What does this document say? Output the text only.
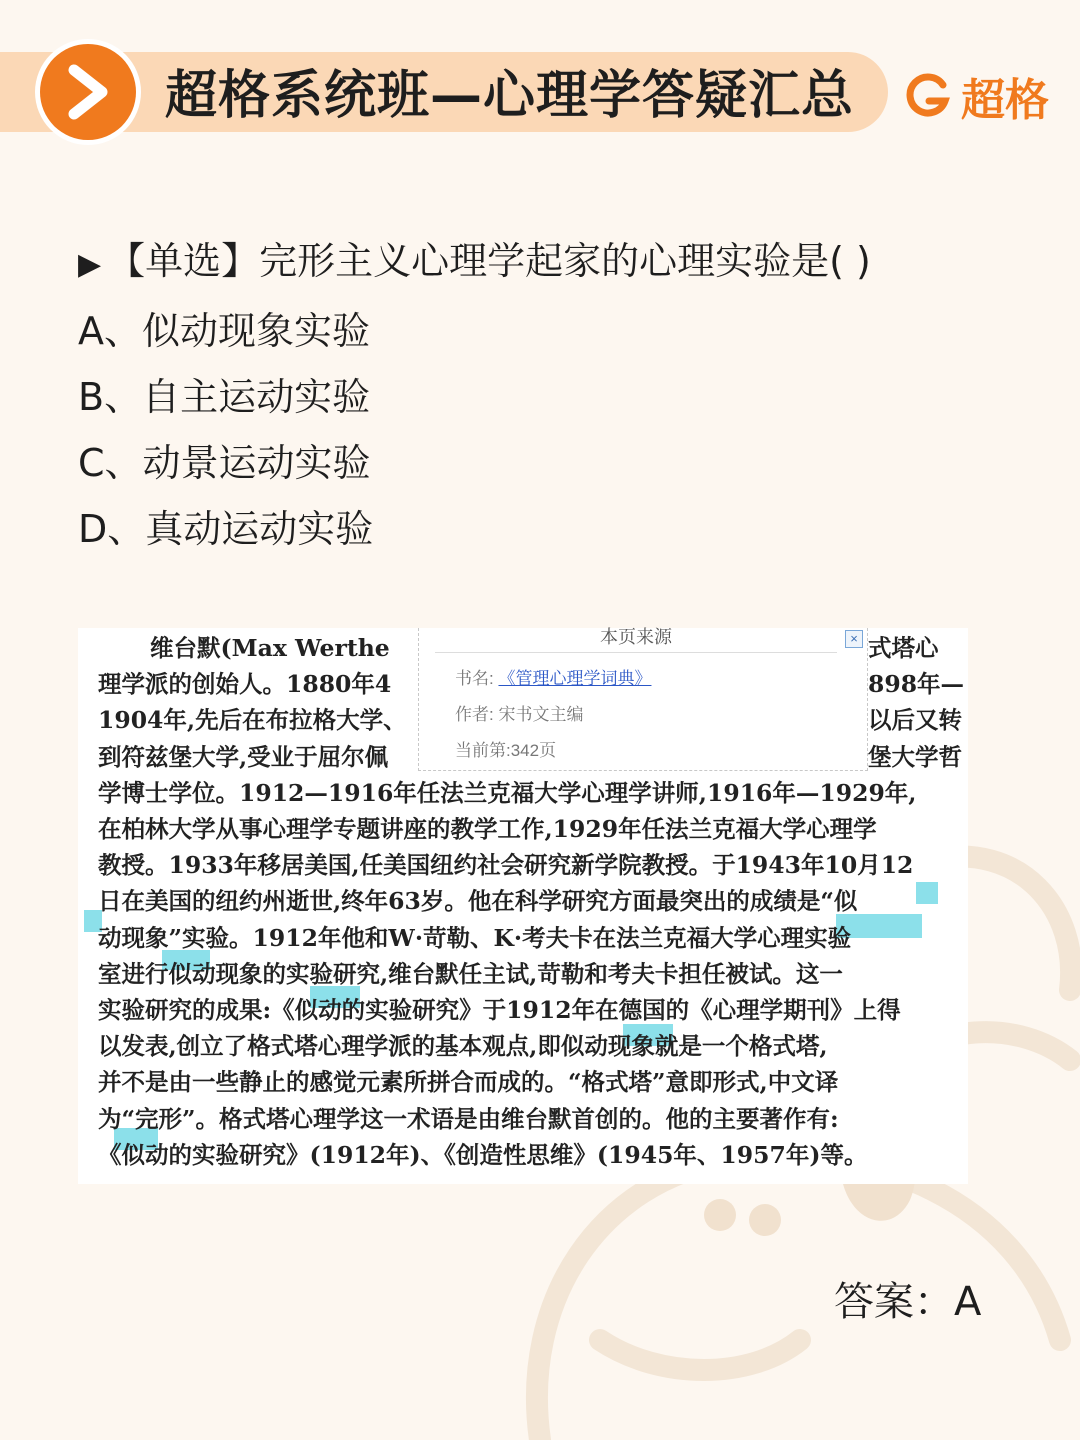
超格系统班—心理学答疑汇总 超格
▶ 【单选】完形主义心理学起家的心理实验是( )
A、似动现象实验
B、自主运动实验
C、动景运动实验
D、真动运动实验
维台默(Max Werthe
理学派的创始人。1880年4
1904年,先后在布拉格大学、
到符兹堡大学,受业于屈尔佩
学博士学位。1912—1916年任法兰克福大学心理学讲师,1916年—1929年,
在柏林大学从事心理学专题讲座的教学工作,1929年任法兰克福大学心理学
教授。1933年移居美国,任美国纽约社会研究新学院教授。于1943年10月12
日在美国的纽约州逝世,终年63岁。他在科学研究方面最突出的成绩是“似
动现象”实验。1912年他和W·苛勒、K·考夫卡在法兰克福大学心理实验
室进行似动现象的实验研究,维台默任主试,苛勒和考夫卡担任被试。这一
实验研究的成果:《似动的实验研究》于1912年在德国的《心理学期刊》上得
以发表,创立了格式塔心理学派的基本观点,即似动现象就是一个格式塔,
并不是由一些静止的感觉元素所拼合而成的。“格式塔”意即形式,中文译
为“完形”。格式塔心理学这一术语是由维台默首创的。他的主要著作有:
《似动的实验研究》(1912年)、《创造性思维》(1945年、1957年)等。
式塔心
898年—
以后又转
堡大学哲
本页来源	×
书名: 《管理心理学词典》
作者: 宋书文主编
当前第:342页
答案：A
